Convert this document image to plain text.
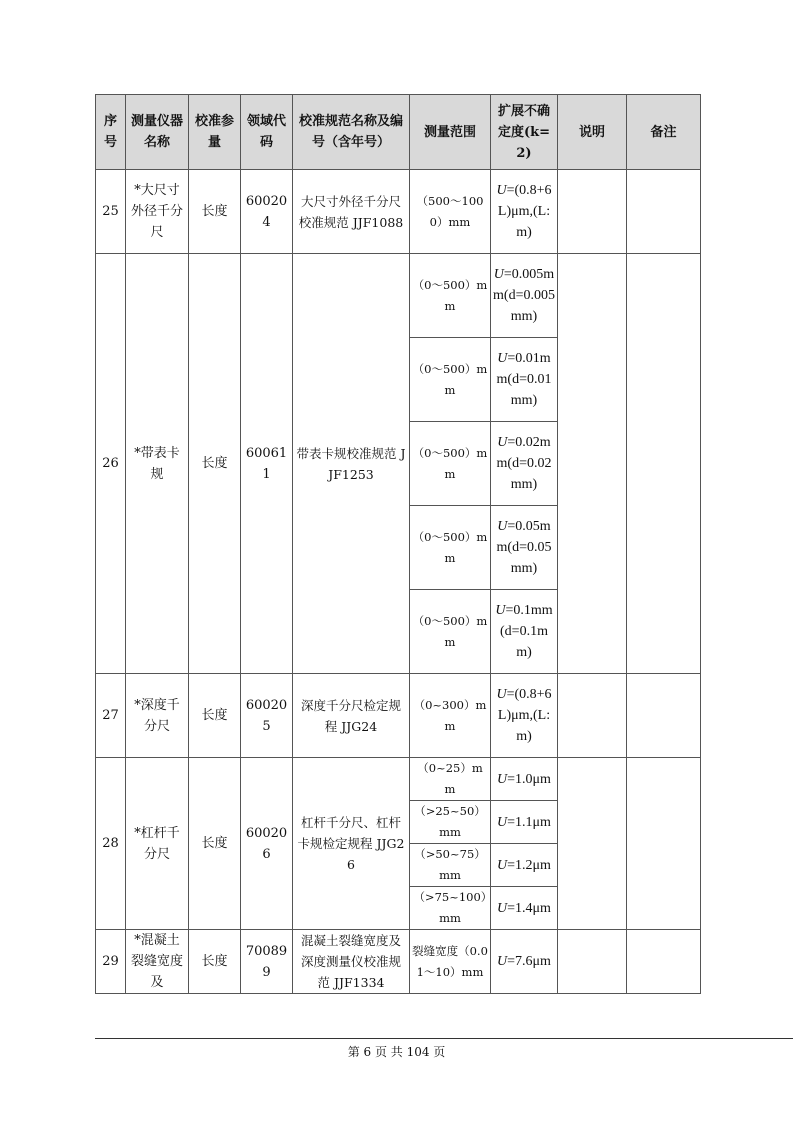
序号	测量仪器名称	校准参量	领域代码	校准规范名称及编号（含年号）	测量范围	扩展不确定度(k=2)	说明	备注
25	*大尺寸外径千分尺	长度	600204	大尺寸外径千分尺校准规范 JJF1088	（500～1000）mm	U=(0.8+6L)μm,(L:m)		
26	*带表卡规	长度	600611	带表卡规校准规范 JJF1253	（0～500）mm	U=0.005mm(d=0.005mm)		
					（0～500）mm	U=0.01mm(d=0.01mm)		
					（0～500）mm	U=0.02mm(d=0.02mm)		
					（0～500）mm	U=0.05mm(d=0.05mm)		
					（0～500）mm	U=0.1mm(d=0.1mm)		
27	*深度千分尺	长度	600205	深度千分尺检定规程 JJG24	（0~300）mm	U=(0.8+6L)μm,(L:m)		
28	*杠杆千分尺	长度	600206	杠杆千分尺、杠杆卡规检定规程 JJG26	（0~25）mm	U=1.0μm		
					（>25~50）mm	U=1.1μm		
					（>50~75）mm	U=1.2μm		
					（>75~100）mm	U=1.4μm		
29	*混凝土裂缝宽度及	长度	700899	混凝土裂缝宽度及深度测量仪校准规范 JJF1334	裂缝宽度（0.01～10）mm	U=7.6μm		
第 6 页 共 104 页
